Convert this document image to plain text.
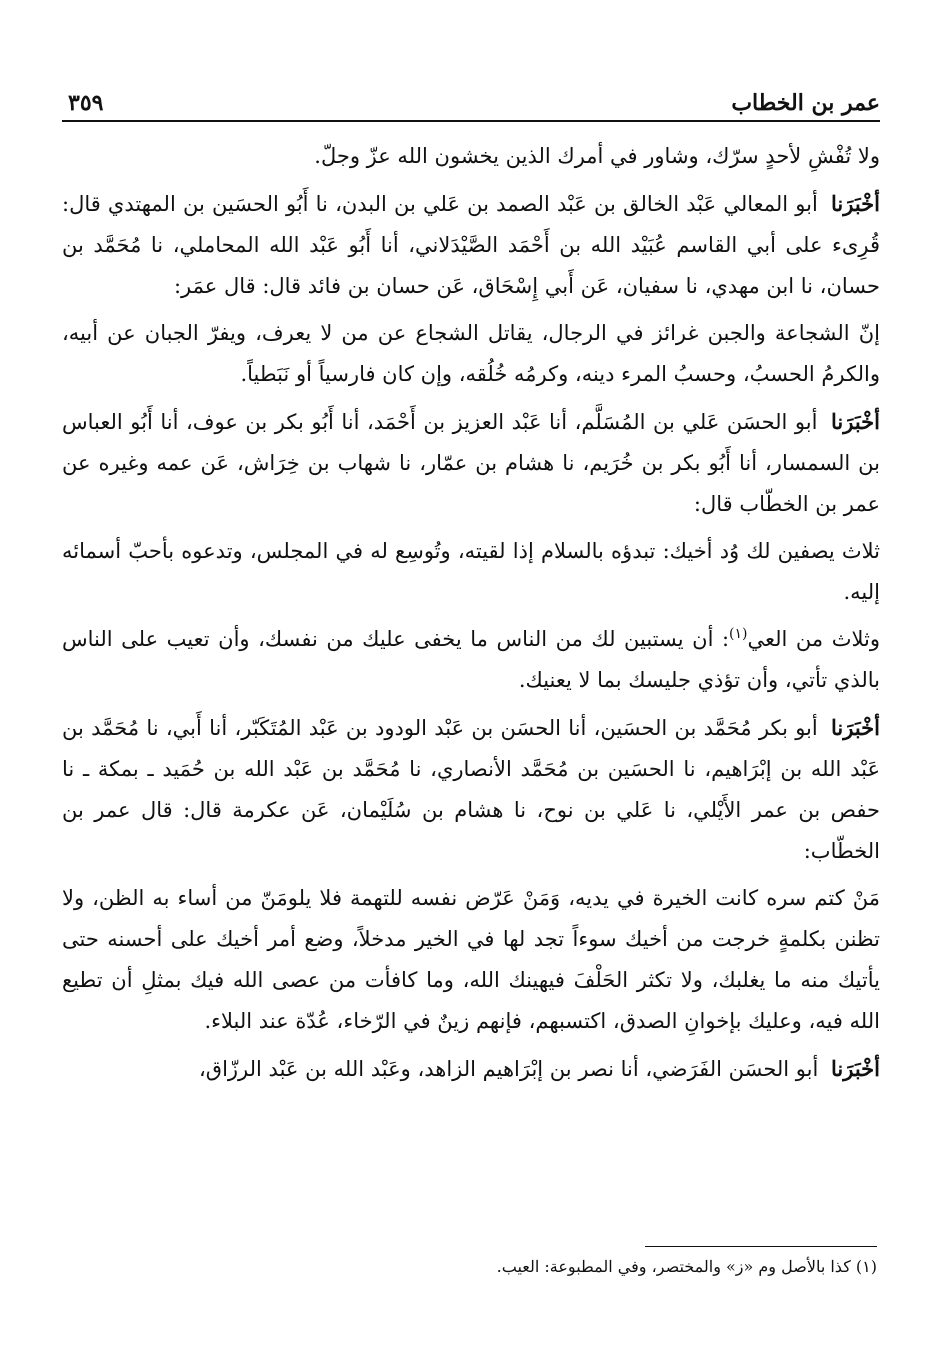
عمر بن الخطاب
٣٥٩

ولا تُفْشِ لأحدٍ سرّك، وشاور في أمرك الذين يخشون الله عزّ وجلّ.

أخْبَرَنا أبو المعالي عَبْد الخالق بن عَبْد الصمد بن عَلي بن البدن، نا أَبُو الحسَين بن المهتدي قال: قُرِىء على أبي القاسم عُبَيْد الله بن أَحْمَد الصَّيْدَلاني، أنا أَبُو عَبْد الله المحاملي، نا مُحَمَّد بن حسان، نا ابن مهدي، نا سفيان، عَن أَبي إِسْحَاق، عَن حسان بن فائد قال: قال عمَر:

إنّ الشجاعة والجبن غرائز في الرجال، يقاتل الشجاع عن من لا يعرف، ويفرّ الجبان عن أبيه، والكرمُ الحسبُ، وحسبُ المرء دينه، وكرمُه خُلُقه، وإن كان فارسياً أو نَبَطياً.

أخْبَرَنا أبو الحسَن عَلي بن المُسَلَّم، أنا عَبْد العزيز بن أَحْمَد، أنا أَبُو بكر بن عوف، أنا أَبُو العباس بن السمسار، أنا أَبُو بكر بن خُرَيم، نا هشام بن عمّار، نا شهاب بن خِرَاش، عَن عمه وغيره عن عمر بن الخطّاب قال:

ثلاث يصفين لك وُد أخيك: تبدؤه بالسلام إذا لقيته، وتُوسِع له في المجلس، وتدعوه بأحبّ أسمائه إليه.

وثلاث من العي$^{(١)}$: أن يستبين لك من الناس ما يخفى عليك من نفسك، وأن تعيب على الناس بالذي تأتي، وأن تؤذي جليسك بما لا يعنيك.

أخْبَرَنا أبو بكر مُحَمَّد بن الحسَين، أنا الحسَن بن عَبْد الودود بن عَبْد المُتَكَبّر، أنا أَبي، نا مُحَمَّد بن عَبْد الله بن إبْرَاهيم، نا الحسَين بن مُحَمَّد الأنصاري، نا مُحَمَّد بن عَبْد الله بن حُمَيد ـ بمكة ـ نا حفص بن عمر الأَيْلي، نا عَلي بن نوح، نا هشام بن سُلَيْمان، عَن عكرمة قال: قال عمر بن الخطّاب:

مَنْ كتم سره كانت الخيرة في يديه، وَمَنْ عَرّض نفسه للتهمة فلا يلومَنّ من أساء به الظن، ولا تظنن بكلمةٍ خرجت من أخيك سوءاً تجد لها في الخير مدخلاً، وضع أمر أخيك على أحسنه حتى يأتيك منه ما يغلبك، ولا تكثر الحَلْفَ فيهينك الله، وما كافأت من عصى الله فيك بمثلِ أن تطيع الله فيه، وعليك بإخوانِ الصدق، اكتسبهم، فإنهم زينٌ في الرّخاء، عُدّة عند البلاء.

أخْبَرَنا أبو الحسَن الفَرَضي، أنا نصر بن إبْرَاهيم الزاهد، وعَبْد الله بن عَبْد الرزّاق،

(١) كذا بالأصل وم «ز» والمختصر، وفي المطبوعة: العيب.
